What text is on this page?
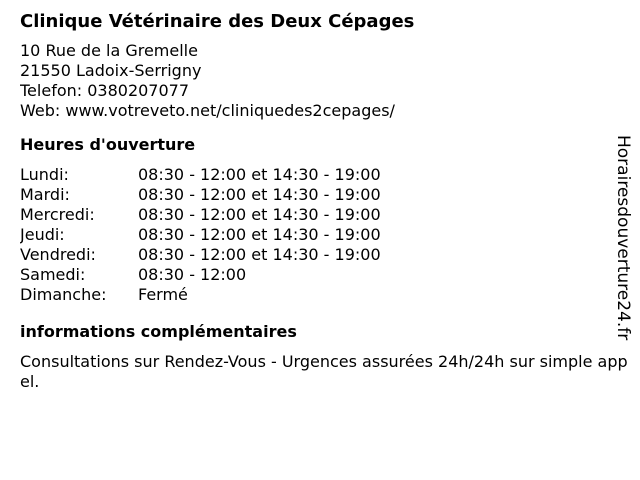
Clinique Vétérinaire des Deux Cépages
10 Rue de la Gremelle
21550 Ladoix-Serrigny
Telefon: 0380207077
Web: www.votreveto.net/cliniquedes2cepages/
Heures d'ouverture
Lundi:	08:30 - 12:00 et 14:30 - 19:00
Mardi:	08:30 - 12:00 et 14:30 - 19:00
Mercredi:	08:30 - 12:00 et 14:30 - 19:00
Jeudi:	08:30 - 12:00 et 14:30 - 19:00
Vendredi:	08:30 - 12:00 et 14:30 - 19:00
Samedi:	08:30 - 12:00
Dimanche:	Fermé
informations complémentaires
Consultations sur Rendez-Vous - Urgences assurées 24h/24h sur simple appel.
Horairesdouverture24.fr
